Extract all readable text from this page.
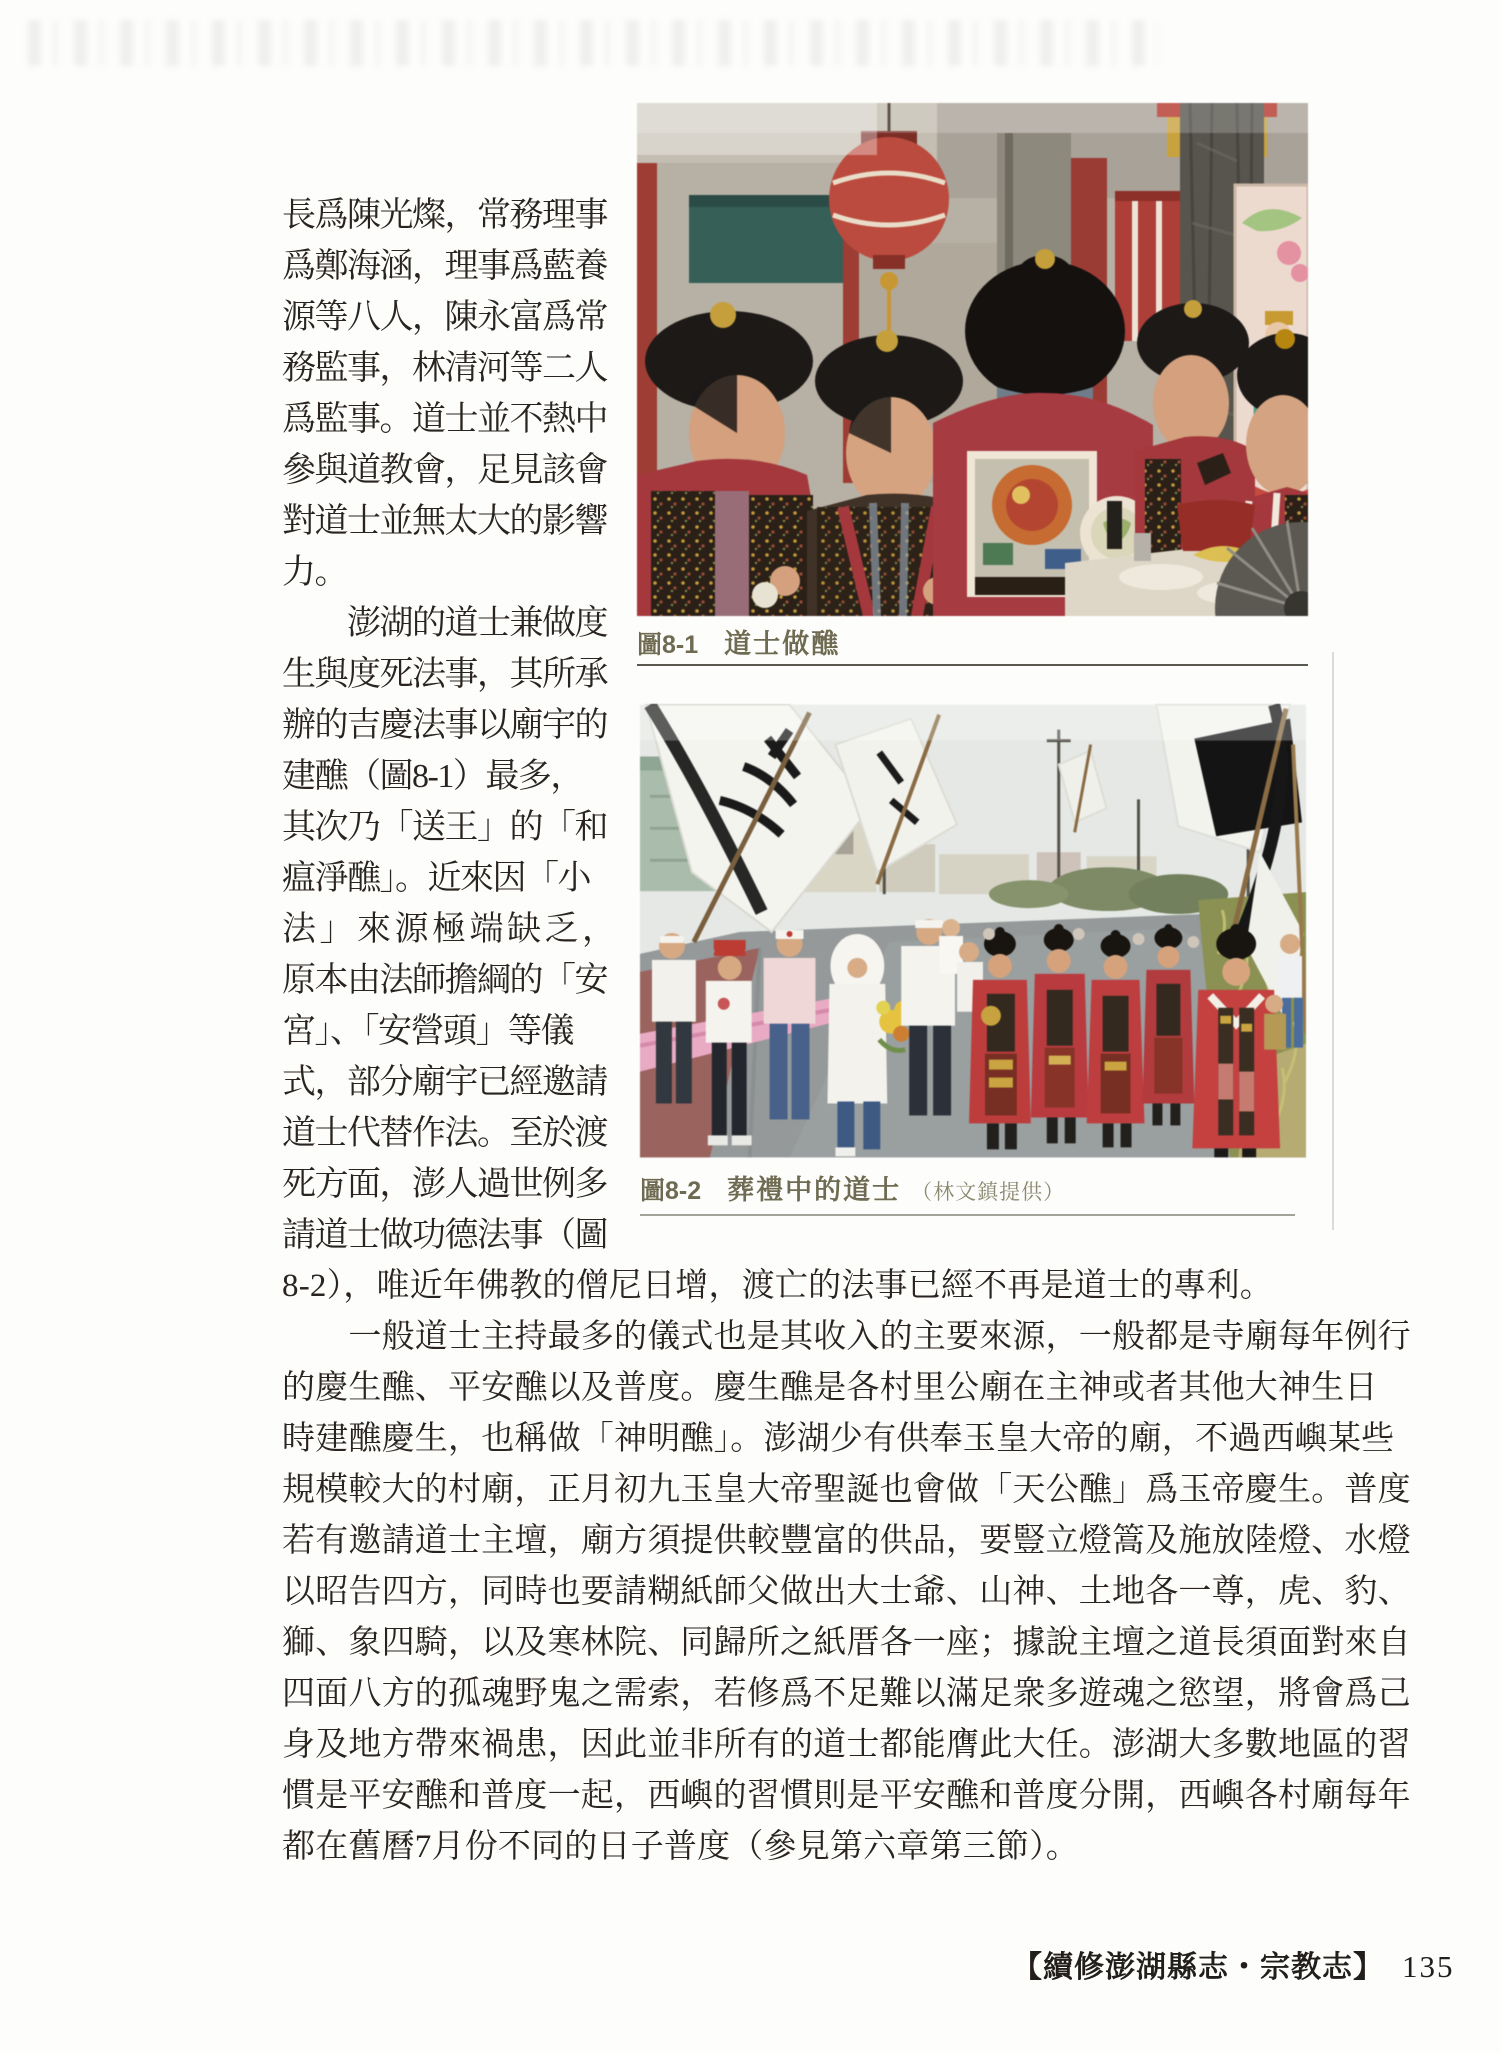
長爲陳光燦，常務理事
爲鄭海涵，理事爲藍養
源等八人，陳永富爲常
務監事，林清河等二人
爲監事。道士並不熱中
參與道教會，足見該會
對道士並無太大的影響
力。
　　澎湖的道士兼做度
生與度死法事，其所承
辦的吉慶法事以廟宇的
建醮（圖8-1）最多，
其次乃「送王」的「和
瘟淨醮」。近來因「小
法」來源極端缺乏，
原本由法師擔綱的「安
宮」、「安營頭」等儀
式，部分廟宇已經邀請
道士代替作法。至於渡
死方面，澎人過世例多
請道士做功德法事（圖
圖8-1 道士做醮
圖8-2 葬禮中的道士 （林文鎮提供）
8-2），唯近年佛教的僧尼日增，渡亡的法事已經不再是道士的專利。
　　一般道士主持最多的儀式也是其收入的主要來源，一般都是寺廟每年例行
的慶生醮、平安醮以及普度。慶生醮是各村里公廟在主神或者其他大神生日
時建醮慶生，也稱做「神明醮」。澎湖少有供奉玉皇大帝的廟，不過西嶼某些
規模較大的村廟，正月初九玉皇大帝聖誕也會做「天公醮」爲玉帝慶生。普度
若有邀請道士主壇，廟方須提供較豐富的供品，要豎立燈篙及施放陸燈、水燈
以昭告四方，同時也要請糊紙師父做出大士爺、山神、土地各一尊，虎、豹、
獅、象四騎，以及寒林院、同歸所之紙厝各一座；據說主壇之道長須面對來自
四面八方的孤魂野鬼之需索，若修爲不足難以滿足衆多遊魂之慾望，將會爲己
身及地方帶來禍患，因此並非所有的道士都能膺此大任。澎湖大多數地區的習
慣是平安醮和普度一起，西嶼的習慣則是平安醮和普度分開，西嶼各村廟每年
都在舊曆7月份不同的日子普度（參見第六章第三節）。
【續修澎湖縣志・宗教志】 135
